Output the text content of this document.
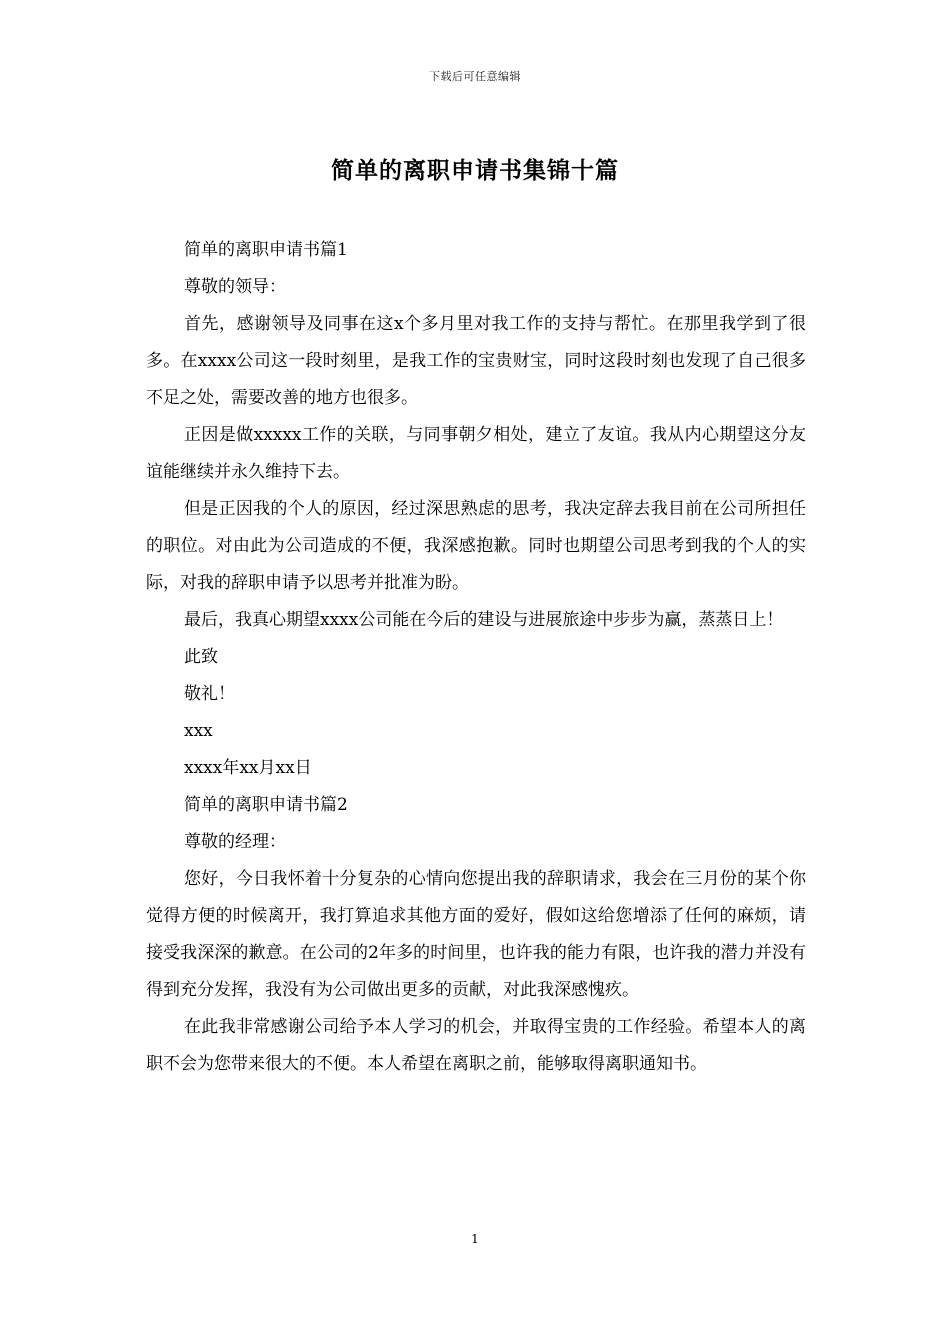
下载后可任意编辑
简单的离职申请书集锦十篇

简单的离职申请书篇1

尊敬的领导：

首先，感谢领导及同事在这x个多月里对我工作的支持与帮忙。在那里我学到了很多。在xxxx公司这一段时刻里，是我工作的宝贵财宝，同时这段时刻也发现了自己很多不足之处，需要改善的地方也很多。

正因是做xxxxx工作的关联，与同事朝夕相处，建立了友谊。我从内心期望这分友谊能继续并永久维持下去。

但是正因我的个人的原因，经过深思熟虑的思考，我决定辞去我目前在公司所担任的职位。对由此为公司造成的不便，我深感抱歉。同时也期望公司思考到我的个人的实际，对我的辞职申请予以思考并批准为盼。

最后，我真心期望xxxx公司能在今后的建设与进展旅途中步步为赢，蒸蒸日上！

此致

敬礼！

xxx

xxxx年xx月xx日

简单的离职申请书篇2

尊敬的经理：

您好，今日我怀着十分复杂的心情向您提出我的辞职请求，我会在三月份的某个你觉得方便的时候离开，我打算追求其他方面的爱好，假如这给您增添了任何的麻烦，请接受我深深的歉意。在公司的2年多的时间里，也许我的能力有限，也许我的潜力并没有得到充分发挥，我没有为公司做出更多的贡献，对此我深感愧疚。

在此我非常感谢公司给予本人学习的机会，并取得宝贵的工作经验。希望本人的离职不会为您带来很大的不便。本人希望在离职之前，能够取得离职通知书。

1
